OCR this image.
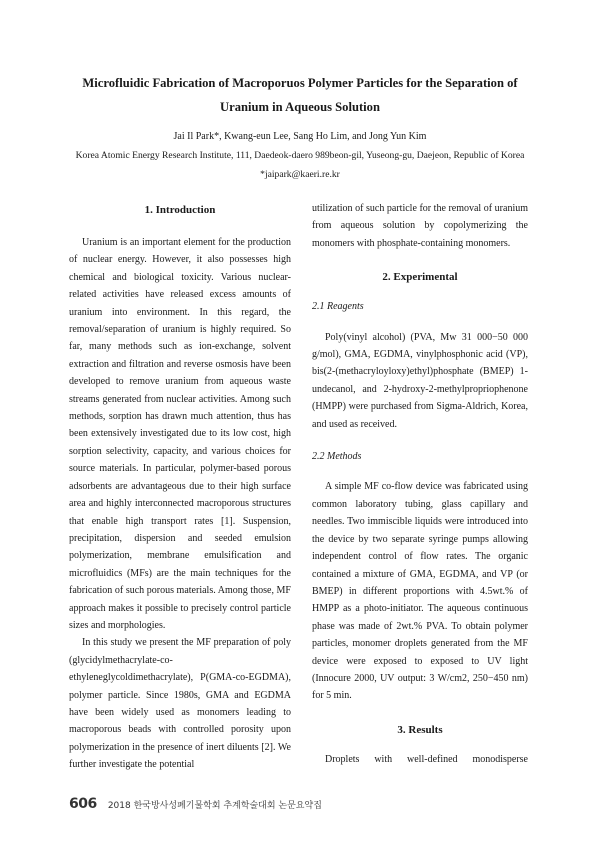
Microfluidic Fabrication of Macroporuos Polymer Particles for the Separation of
Uranium in Aqueous Solution
Jai Il Park*, Kwang-eun Lee, Sang Ho Lim, and Jong Yun Kim
Korea Atomic Energy Research Institute, 111, Daedeok-daero 989beon-gil, Yuseong-gu, Daejeon, Republic of Korea
*jaipark@kaeri.re.kr
1. Introduction

Uranium is an important element for the production of nuclear energy. However, it also possesses high chemical and biological toxicity. Various nuclear-related activities have released excess amounts of uranium into environment. In this regard, the removal/separation of uranium is highly required. So far, many methods such as ion-exchange, solvent extraction and filtration and reverse osmosis have been developed to remove uranium from aqueous waste streams generated from nuclear activities. Among such methods, sorption has drawn much attention, thus has been extensively investigated due to its low cost, high sorption selectivity, capacity, and various choices for source materials. In particular, polymer-based porous adsorbents are advantageous due to their high surface area and highly interconnected macroporous structures that enable high transport rates [1]. Suspension, precipitation, dispersion and seeded emulsion polymerization, membrane emulsification and microfluidics (MFs) are the main techniques for the fabrication of such porous materials. Among those, MF approach makes it possible to precisely control particle sizes and morphologies.

In this study we present the MF preparation of poly (glycidylmethacrylate-co-ethyleneglycoldimethacrylate), P(GMA-co-EGDMA), polymer particle. Since 1980s, GMA and EGDMA have been widely used as monomers leading to macroporous beads with controlled porosity upon polymerization in the presence of inert diluents [2]. We further investigate the potential

utilization of such particle for the removal of uranium from aqueous solution by copolymerizing the monomers with phosphate-containing monomers.

2. Experimental

2.1 Reagents

Poly(vinyl alcohol) (PVA, Mw 31 000−50 000 g/mol), GMA, EGDMA, vinylphosphonic acid (VP), bis(2-(methacryloyloxy)ethyl)phosphate (BMEP) 1-undecanol, and 2-hydroxy-2-methylpropriophenone (HMPP) were purchased from Sigma-Aldrich, Korea, and used as received.

2.2 Methods

A simple MF co-flow device was fabricated using common laboratory tubing, glass capillary and needles. Two immiscible liquids were introduced into the device by two separate syringe pumps allowing independent control of flow rates. The organic contained a mixture of GMA, EGDMA, and VP (or BMEP) in different proportions with 4.5wt.% of HMPP as a photo-initiator. The aqueous continuous phase was made of 2wt.% PVA. To obtain polymer particles, monomer droplets generated from the MF device were exposed to exposed to UV light (Innocure 2000, UV output: 3 W/cm2, 250−450 nm) for 5 min.

3. Results

Droplets with well-defined monodisperse

606 2018 한국방사성폐기물학회 추계학술대회 논문요약집
